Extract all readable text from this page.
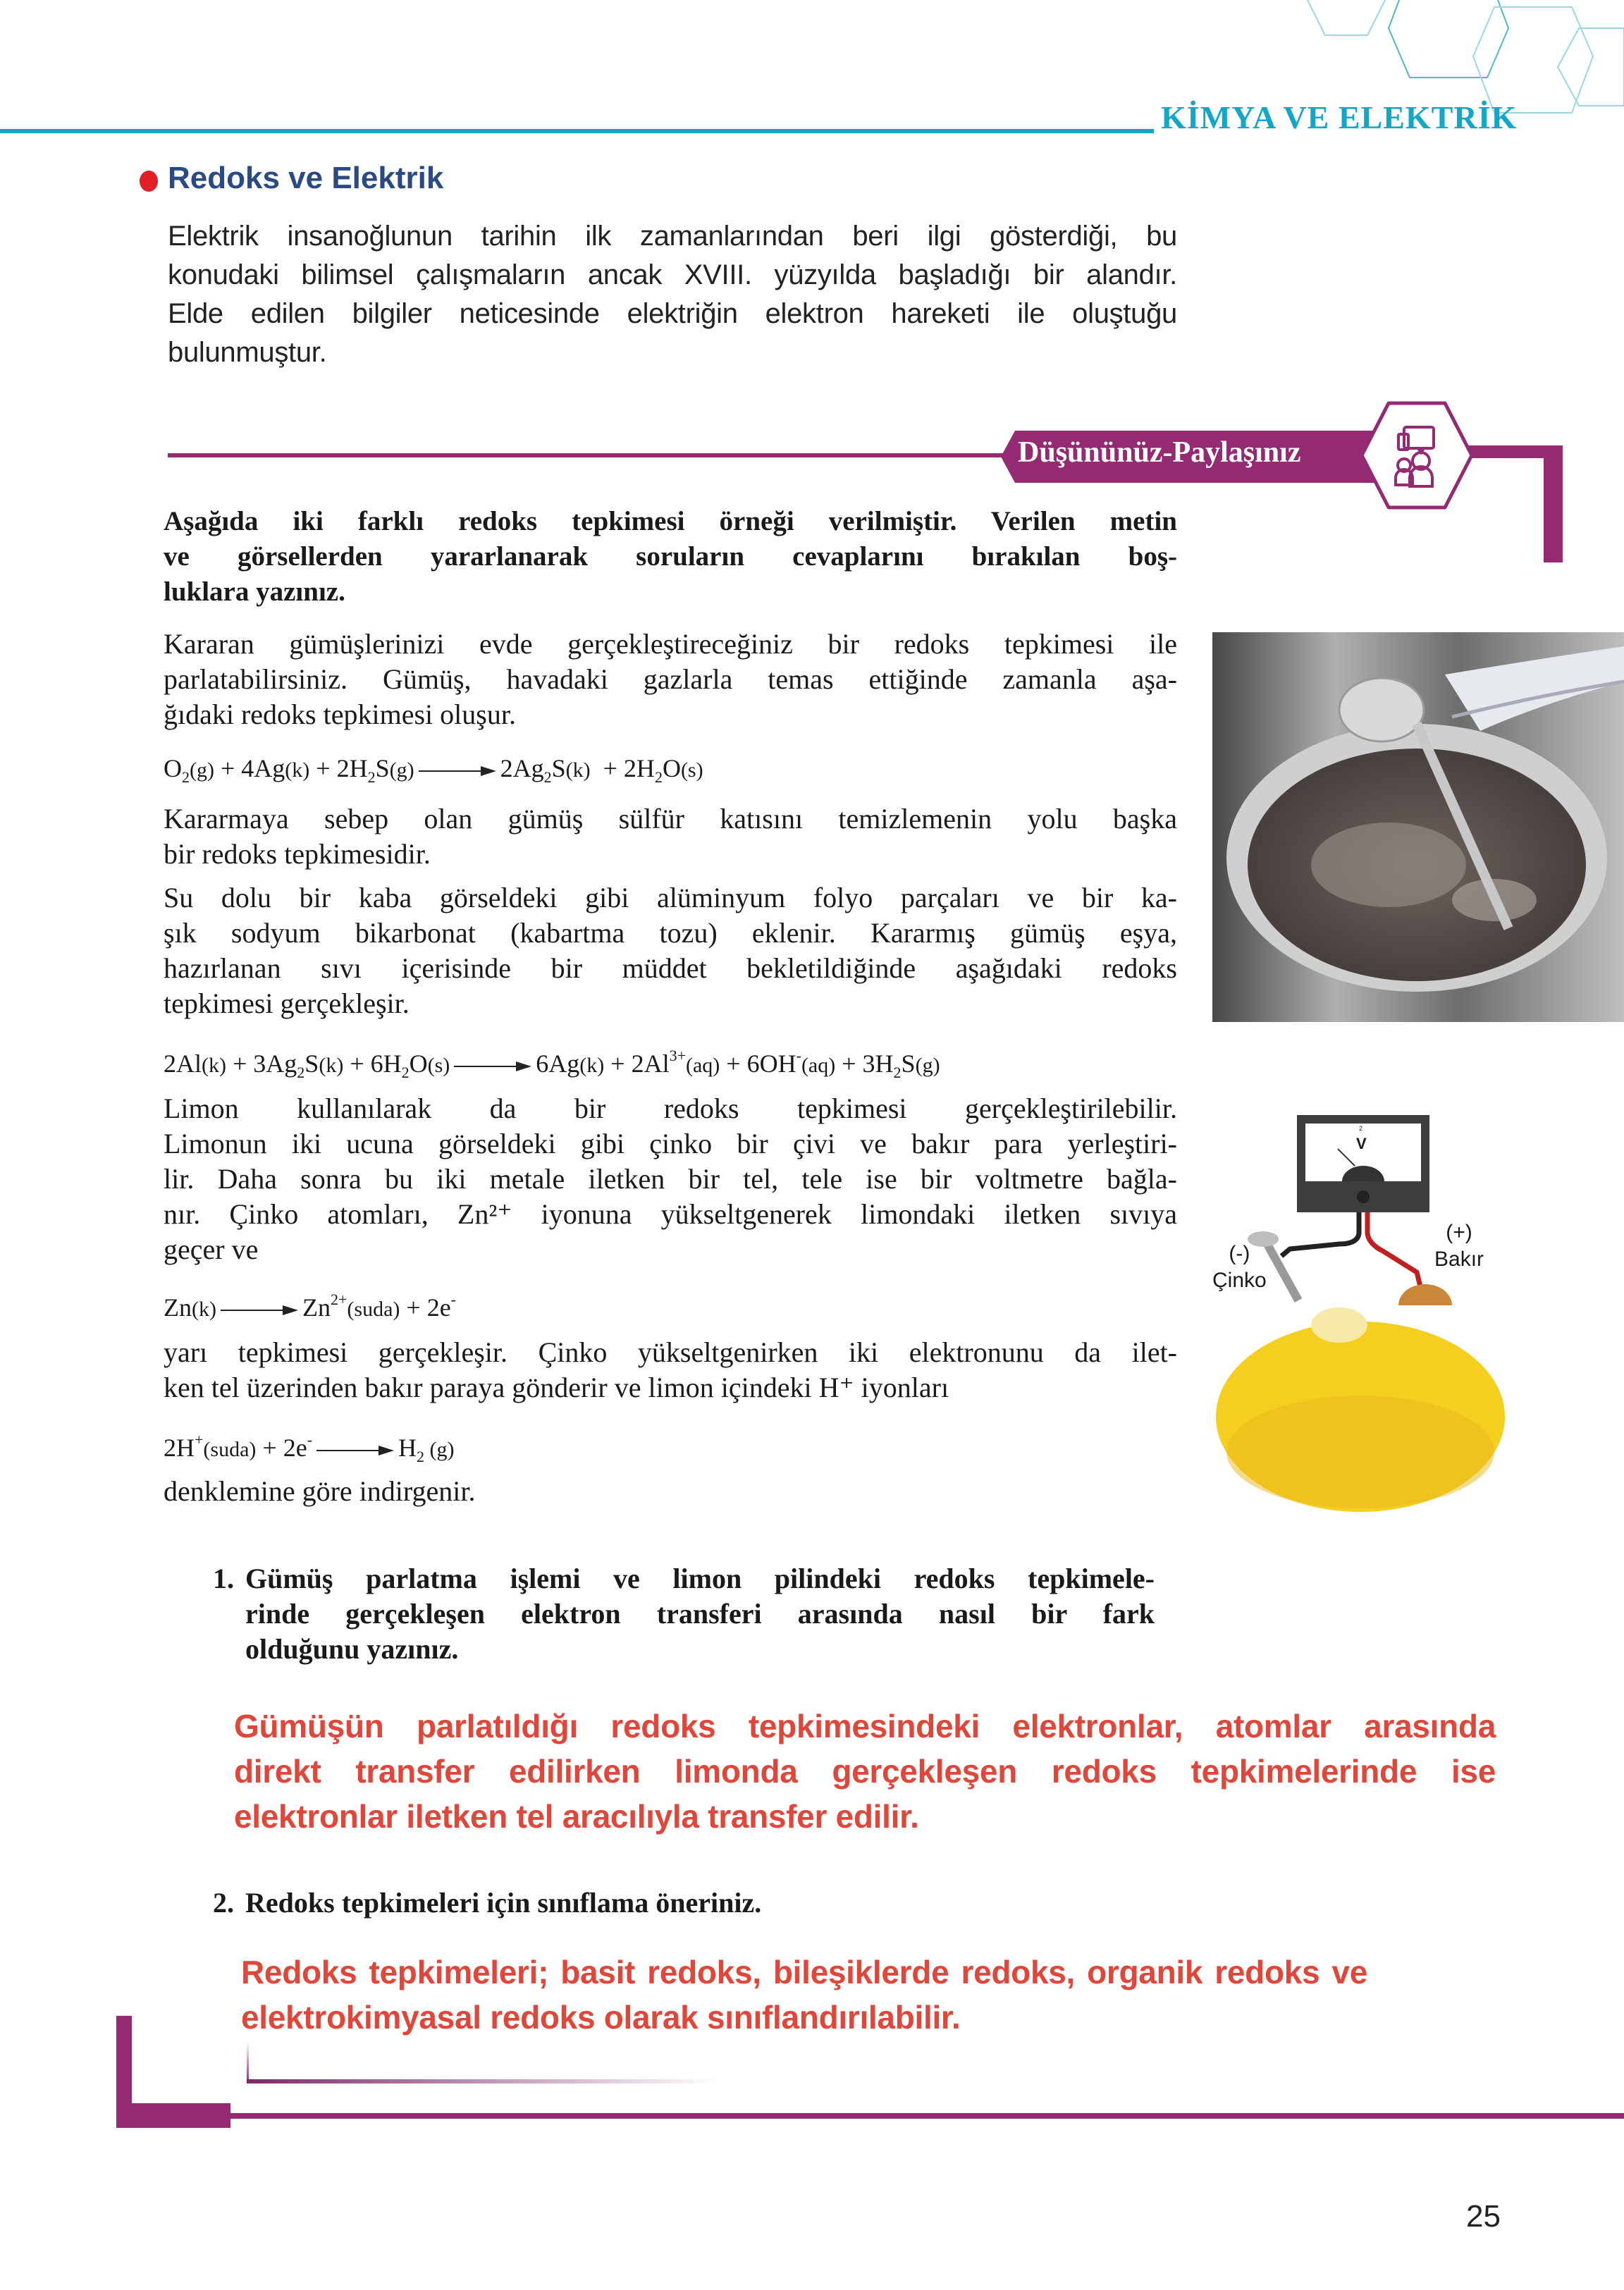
KİMYA VE ELEKTRİK
Redoks ve Elektrik
Elektrik insanoğlunun tarihin ilk zamanlarından beri ilgi gösterdiği, bu
konudaki bilimsel çalışmaların ancak XVIII. yüzyılda başladığı bir alandır.
Elde edilen bilgiler neticesinde elektriğin elektron hareketi ile oluştuğu
bulunmuştur.
Düşününüz-Paylaşınız
Aşağıda iki farklı redoks tepkimesi örneği verilmiştir. Verilen metin
ve görsellerden yararlanarak soruların cevaplarını bırakılan boş-
luklara yazınız.
Kararan gümüşlerinizi evde gerçekleştireceğiniz bir redoks tepkimesi ile
parlatabilirsiniz. Gümüş, havadaki gazlarla temas ettiğinde zamanla aşa-
ğıdaki redoks tepkimesi oluşur.
$O_2(g) + 4Ag(k) + 2H_2S(g) \to 2Ag_2S(k) + 2H_2O(s)$
Kararmaya sebep olan gümüş sülfür katısını temizlemenin yolu başka
bir redoks tepkimesidir.
Su dolu bir kaba görseldeki gibi alüminyum folyo parçaları ve bir ka-
şık sodyum bikarbonat (kabartma tozu) eklenir. Kararmış gümüş eşya,
hazırlanan sıvı içerisinde bir müddet bekletildiğinde aşağıdaki redoks
tepkimesi gerçekleşir.
$2Al(k) + 3Ag_2S(k) + 6H_2O(s) \to 6Ag(k) + 2Al^{3+}(aq) + 6OH^-(aq) + 3H_2S(g)$
Limon kullanılarak da bir redoks tepkimesi gerçekleştirilebilir.
Limonun iki ucuna görseldeki gibi çinko bir çivi ve bakır para yerleştiri-
lir. Daha sonra bu iki metale iletken bir tel, tele ise bir voltmetre bağla-
nır. Çinko atomları, Zn²⁺ iyonuna yükseltgenerek limondaki iletken sıvıya
geçer ve
$Zn(k) \to Zn^{2+}(suda) + 2e^-$
yarı tepkimesi gerçekleşir. Çinko yükseltgenirken iki elektronunu da ilet-
ken tel üzerinden bakır paraya gönderir ve limon içindeki H⁺ iyonları
2H+(suda) + $2e^- \to H_2$ (g)
denklemine göre indirgenir.
(-)
Çinko
(+)
Bakır
V
2
1. Gümüş parlatma işlemi ve limon pilindeki redoks tepkimele-
rinde gerçekleşen elektron transferi arasında nasıl bir fark
olduğunu yazınız.
Gümüşün parlatıldığı redoks tepkimesindeki elektronlar, atomlar arasında
direkt transfer edilirken limonda gerçekleşen redoks tepkimelerinde ise
elektronlar iletken tel aracılıyla transfer edilir.
2. Redoks tepkimeleri için sınıflama öneriniz.
Redoks tepkimeleri; basit redoks, bileşiklerde redoks, organik redoks ve
elektrokimyasal redoks olarak sınıflandırılabilir.
25
